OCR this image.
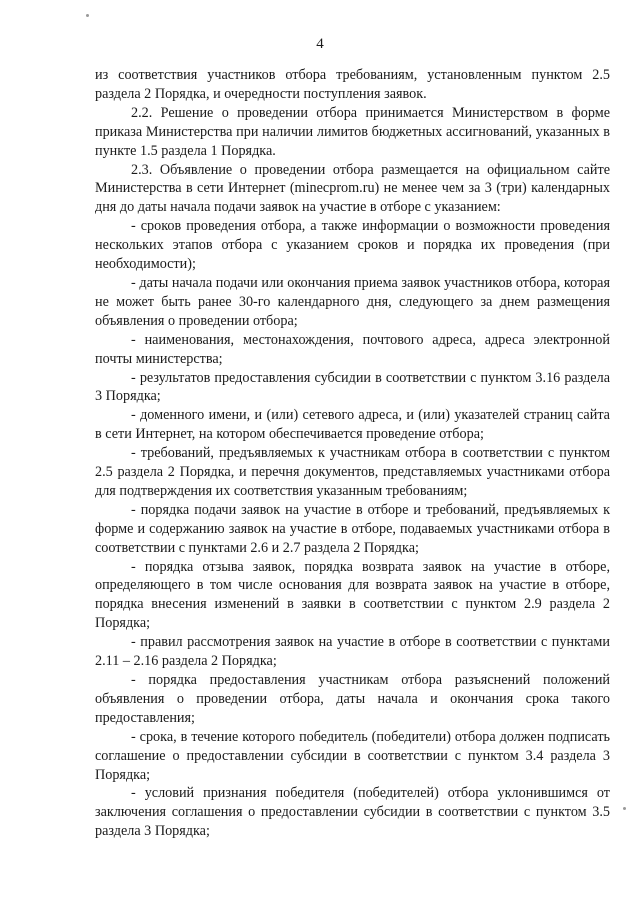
4

из соответствия участников отбора требованиям, установленным пунктом 2.5 раздела 2 Порядка, и очередности поступления заявок.

2.2. Решение о проведении отбора принимается Министерством в форме приказа Министерства при наличии лимитов бюджетных ассигнований, указанных в пункте 1.5 раздела 1 Порядка.

2.3. Объявление о проведении отбора размещается на официальном сайте Министерства в сети Интернет (minecprom.ru) не менее чем за 3 (три) календарных дня до даты начала подачи заявок на участие в отборе с указанием:

- сроков проведения отбора, а также информации о возможности проведения нескольких этапов отбора с указанием сроков и порядка их проведения (при необходимости);

- даты начала подачи или окончания приема заявок участников отбора, которая не может быть ранее 30-го календарного дня, следующего за днем размещения объявления о проведении отбора;

- наименования, местонахождения, почтового адреса, адреса электронной почты министерства;

- результатов предоставления субсидии в соответствии с пунктом 3.16 раздела 3 Порядка;

- доменного имени, и (или) сетевого адреса, и (или) указателей страниц сайта в сети Интернет, на котором обеспечивается проведение отбора;

- требований, предъявляемых к участникам отбора в соответствии с пунктом 2.5 раздела 2 Порядка, и перечня документов, представляемых участниками отбора для подтверждения их соответствия указанным требованиям;

- порядка подачи заявок на участие в отборе и требований, предъявляемых к форме и содержанию заявок на участие в отборе, подаваемых участниками отбора в соответствии с пунктами 2.6 и 2.7 раздела 2 Порядка;

- порядка отзыва заявок, порядка возврата заявок на участие в отборе, определяющего в том числе основания для возврата заявок на участие в отборе, порядка внесения изменений в заявки в соответствии с пунктом 2.9 раздела 2 Порядка;

- правил рассмотрения заявок на участие в отборе в соответствии с пунктами 2.11 – 2.16 раздела 2 Порядка;

- порядка предоставления участникам отбора разъяснений положений объявления о проведении отбора, даты начала и окончания срока такого предоставления;

- срока, в течение которого победитель (победители) отбора должен подписать соглашение о предоставлении субсидии в соответствии с пунктом 3.4 раздела 3 Порядка;

- условий признания победителя (победителей) отбора уклонившимся от заключения соглашения о предоставлении субсидии в соответствии с пунктом 3.5 раздела 3 Порядка;
